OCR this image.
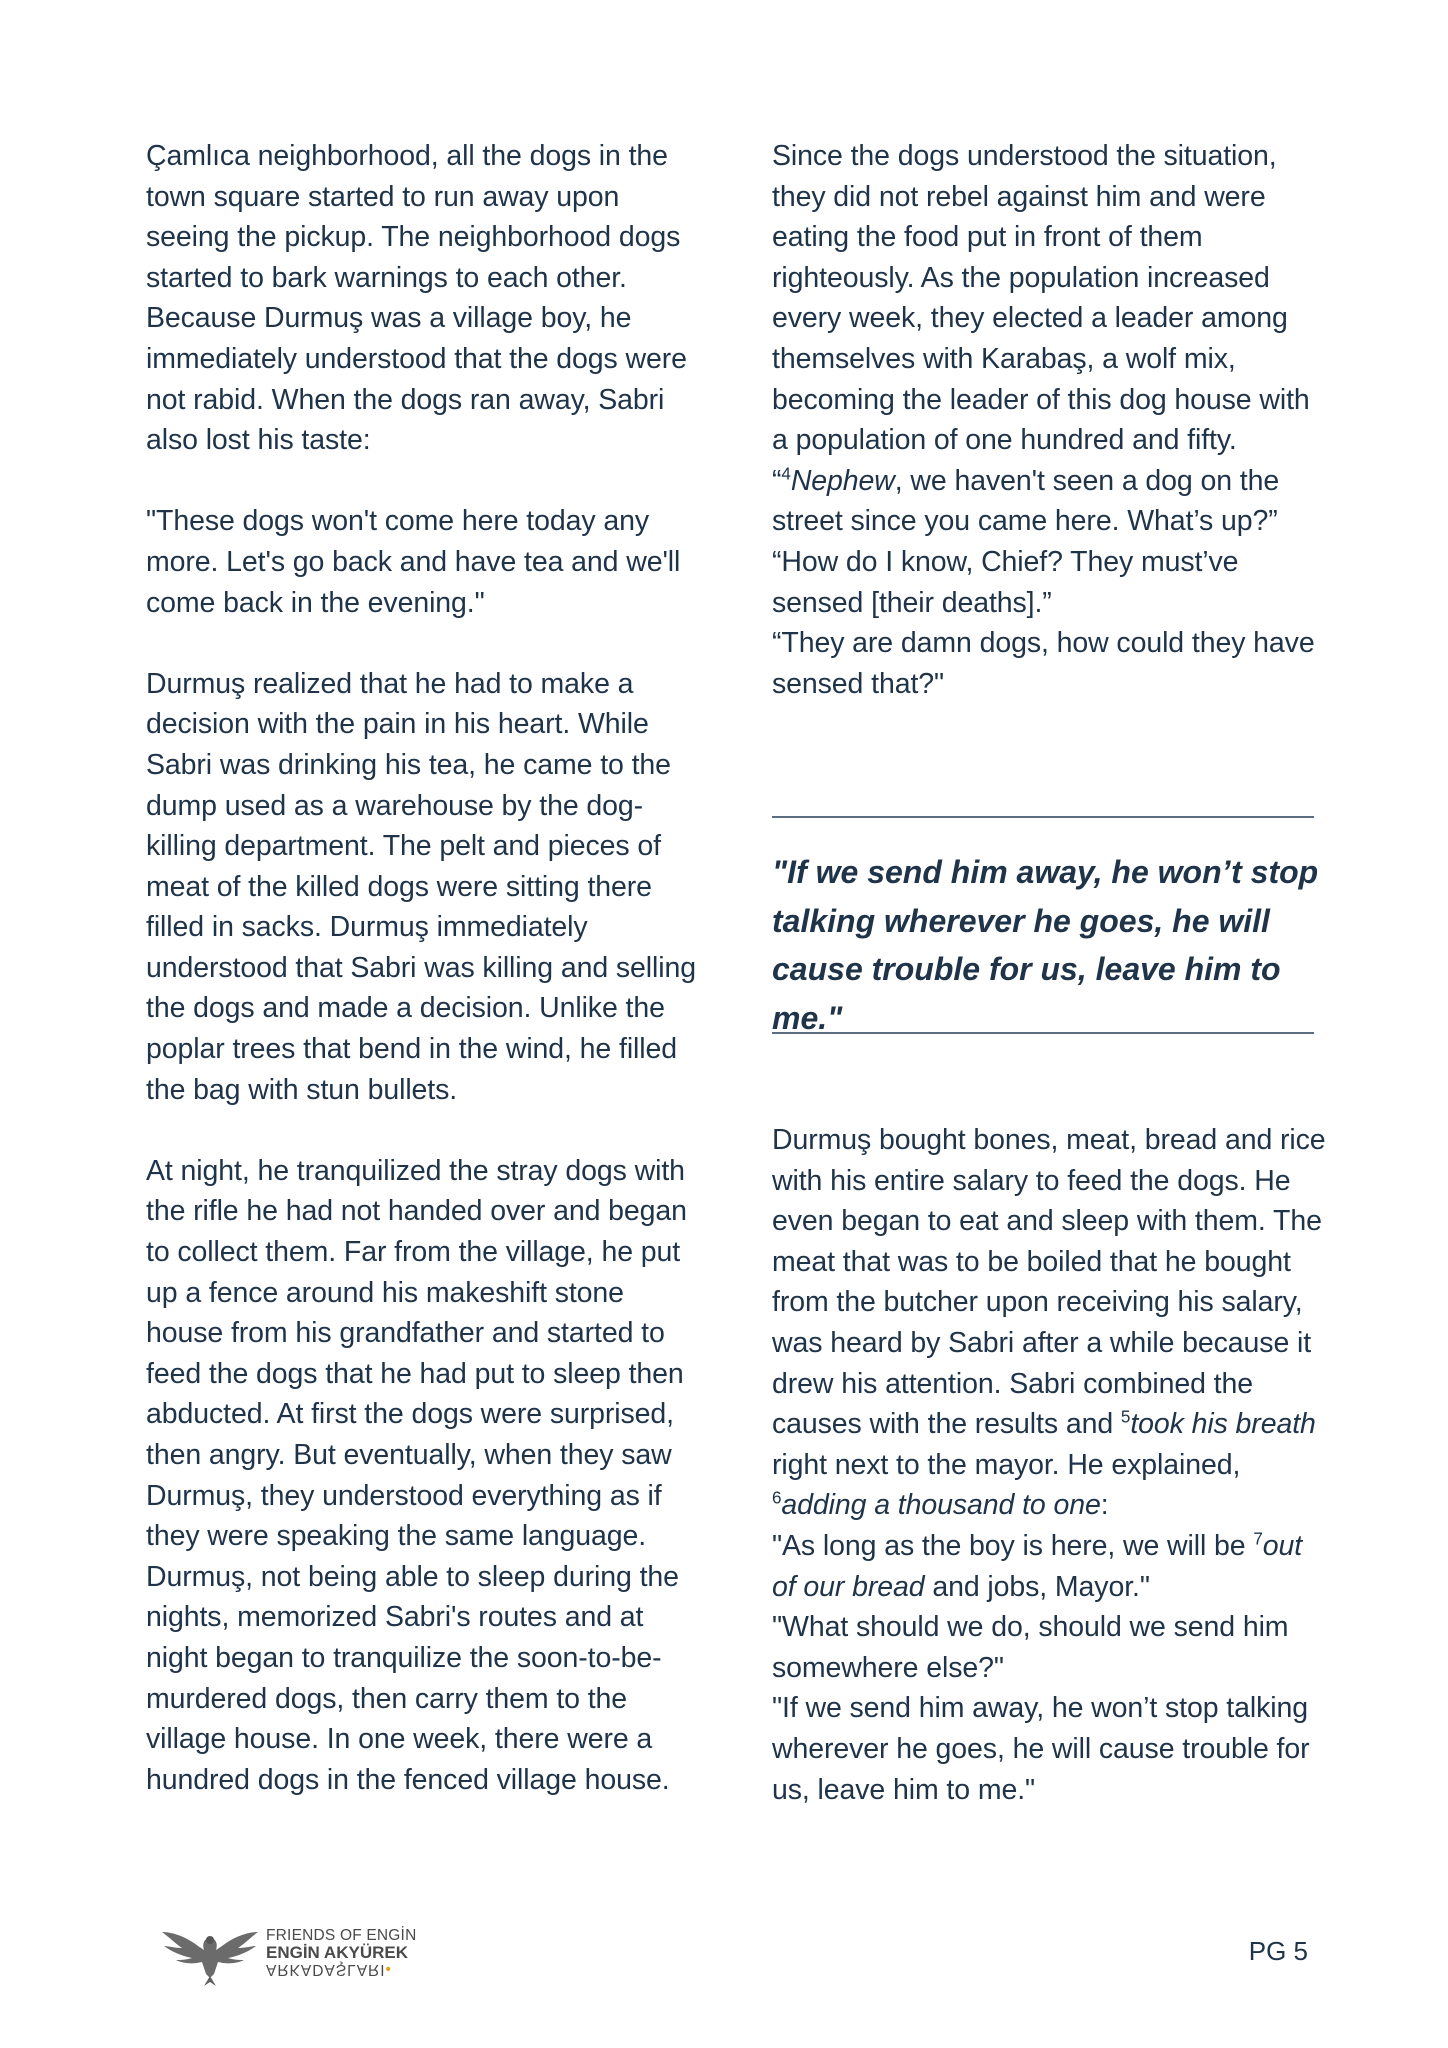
Çamlıca neighborhood, all the dogs in the town square started to run away upon seeing the pickup. The neighborhood dogs started to bark warnings to each other. Because Durmuş was a village boy, he immediately understood that the dogs were not rabid. When the dogs ran away, Sabri also lost his taste:

"These dogs won't come here today any more. Let's go back and have tea and we'll come back in the evening."

Durmuş realized that he had to make a decision with the pain in his heart. While Sabri was drinking his tea, he came to the dump used as a warehouse by the dog-killing department. The pelt and pieces of meat of the killed dogs were sitting there filled in sacks. Durmuş immediately understood that Sabri was killing and selling the dogs and made a decision. Unlike the poplar trees that bend in the wind, he filled the bag with stun bullets.

At night, he tranquilized the stray dogs with the rifle he had not handed over and began to collect them. Far from the village, he put up a fence around his makeshift stone house from his grandfather and started to feed the dogs that he had put to sleep then abducted. At first the dogs were surprised, then angry. But eventually, when they saw Durmuş, they understood everything as if they were speaking the same language. Durmuş, not being able to sleep during the nights, memorized Sabri's routes and at night began to tranquilize the soon-to-be-murdered dogs, then carry them to the village house. In one week, there were a hundred dogs in the fenced village house.

Since the dogs understood the situation, they did not rebel against him and were eating the food put in front of them righteously. As the population increased every week, they elected a leader among themselves with Karabaş, a wolf mix, becoming the leader of this dog house with a population of one hundred and fifty.

“$^4$Nephew, we haven't seen a dog on the street since you came here. What’s up?”

“How do I know, Chief? They must’ve sensed [their deaths].”

“They are damn dogs, how could they have sensed that?"

"If we send him away, he won’t stop talking wherever he goes, he will cause trouble for us, leave him to me."

Durmuş bought bones, meat, bread and rice with his entire salary to feed the dogs. He even began to eat and sleep with them. The meat that was to be boiled that he bought from the butcher upon receiving his salary, was heard by Sabri after a while because it drew his attention. Sabri combined the causes with the results and $^5$took his breath right next to the mayor. He explained, $^6$adding a thousand to one:

"As long as the boy is here, we will be $^7$out of our bread and jobs, Mayor."

"What should we do, should we send him somewhere else?"

"If we send him away, he won’t stop talking wherever he goes, he will cause trouble for us, leave him to me."

FRIENDS OF ENGİN
ENGİN AKYÜREK
ARKADAŞLARI•
PG 5
